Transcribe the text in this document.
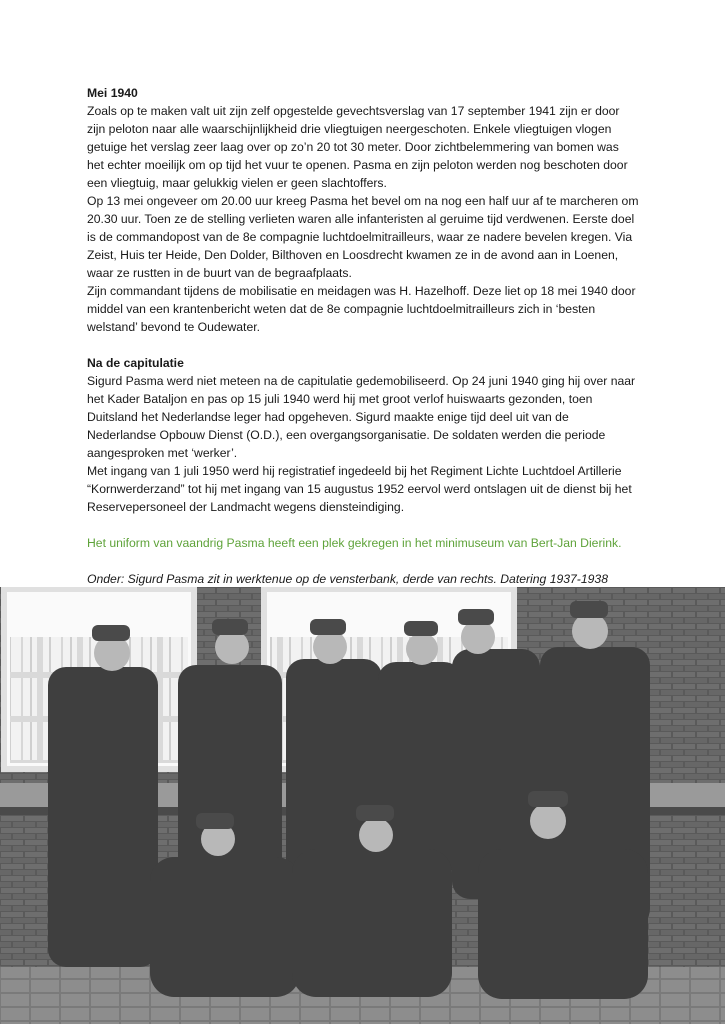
Mei 1940

Zoals op te maken valt uit zijn zelf opgestelde gevechtsverslag van 17 september 1941 zijn er door zijn peloton naar alle waarschijnlijkheid drie vliegtuigen neergeschoten. Enkele vliegtuigen vlogen getuige het verslag zeer laag over op zo’n 20 tot 30 meter. Door zichtbelemmering van bomen was het echter moeilijk om op tijd het vuur te openen. Pasma en zijn peloton werden nog beschoten door een vliegtuig, maar gelukkig vielen er geen slachtoffers.

Op 13 mei ongeveer om 20.00 uur kreeg Pasma het bevel om na nog een half uur af te marcheren om 20.30 uur. Toen ze de stelling verlieten waren alle infanteristen al geruime tijd verdwenen. Eerste doel is de commandopost van de 8e compagnie luchtdoelmitrailleurs, waar ze nadere bevelen kregen. Via Zeist, Huis ter Heide, Den Dolder, Bilthoven en Loosdrecht kwamen ze in de avond aan in Loenen, waar ze rustten in de buurt van de begraafplaats.

Zijn commandant tijdens de mobilisatie en meidagen was H. Hazelhoff. Deze liet op 18 mei 1940 door middel van een krantenbericht weten dat de 8e compagnie luchtdoelmitrailleurs zich in ‘besten welstand’ bevond te Oudewater.

Na de capitulatie

Sigurd Pasma werd niet meteen na de capitulatie gedemobiliseerd. Op 24 juni 1940 ging hij over naar het Kader Bataljon en pas op 15 juli 1940 werd hij met groot verlof huiswaarts gezonden, toen Duitsland het Nederlandse leger had opgeheven. Sigurd maakte enige tijd deel uit van de Nederlandse Opbouw Dienst (O.D.), een overgangsorganisatie. De soldaten werden die periode aangesproken met ‘werker’.

Met ingang van 1 juli 1950 werd hij registratief ingedeeld bij het Regiment Lichte Luchtdoel Artillerie “Kornwerderzand” tot hij met ingang van 15 augustus 1952 eervol werd ontslagen uit de dienst bij het Reservepersoneel der Landmacht wegens diensteindiging.

Het uniform van vaandrig Pasma heeft een plek gekregen in het minimuseum van Bert-Jan Dierink.

Onder: Sigurd Pasma zit in werktenue op de vensterbank, derde van rechts. Datering 1937-1938
